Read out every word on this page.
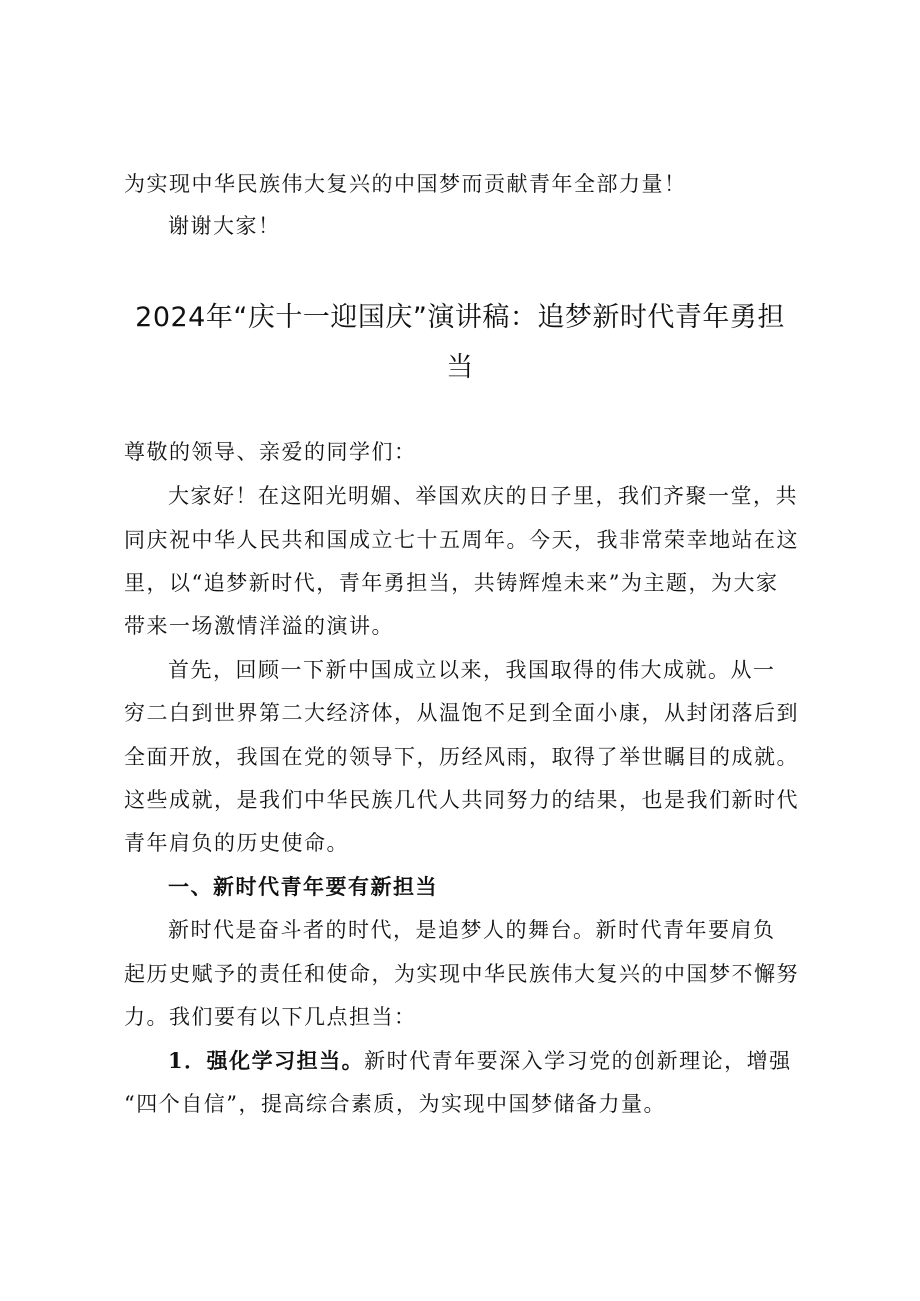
为实现中华民族伟大复兴的中国梦而贡献青年全部力量！
谢谢大家！
2024年“庆十一迎国庆”演讲稿：追梦新时代青年勇担
当
尊敬的领导、亲爱的同学们：
大家好！在这阳光明媚、举国欢庆的日子里，我们齐聚一堂，共
同庆祝中华人民共和国成立七十五周年。今天，我非常荣幸地站在这
里，以“追梦新时代，青年勇担当，共铸辉煌未来”为主题，为大家
带来一场激情洋溢的演讲。
首先，回顾一下新中国成立以来，我国取得的伟大成就。从一
穷二白到世界第二大经济体，从温饱不足到全面小康，从封闭落后到
全面开放，我国在党的领导下，历经风雨，取得了举世瞩目的成就。
这些成就，是我们中华民族几代人共同努力的结果，也是我们新时代
青年肩负的历史使命。
一、新时代青年要有新担当
新时代是奋斗者的时代，是追梦人的舞台。新时代青年要肩负
起历史赋予的责任和使命，为实现中华民族伟大复兴的中国梦不懈努
力。我们要有以下几点担当：
1．强化学习担当。新时代青年要深入学习党的创新理论，增强
“四个自信”，提高综合素质，为实现中国梦储备力量。
